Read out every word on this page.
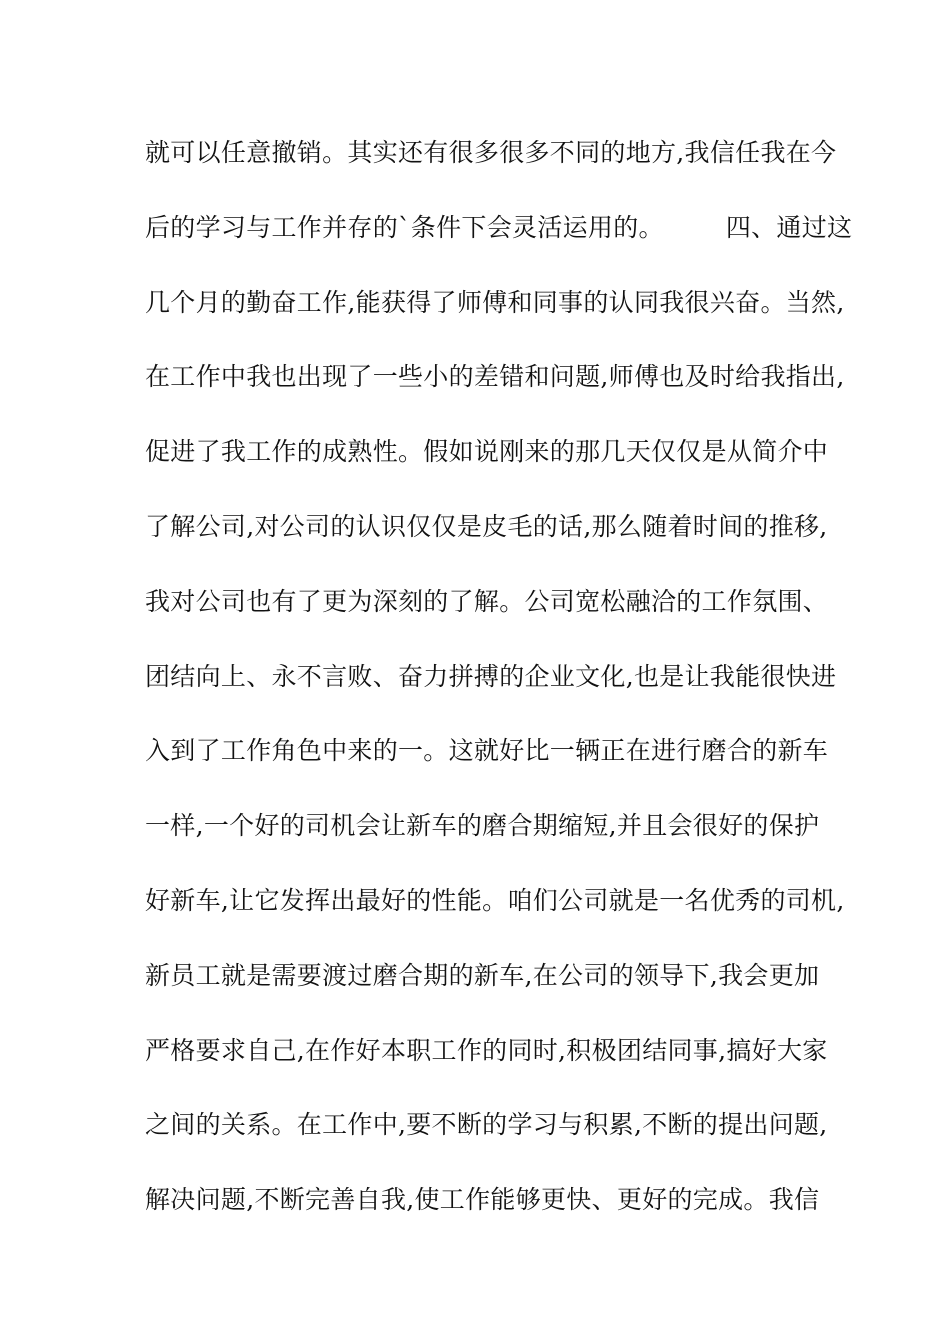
就可以任意撤销。其实还有很多很多不同的地方,我信任我在今
后的学习与工作并存的`条件下会灵活运用的。 四、通过这
几个月的勤奋工作,能获得了师傅和同事的认同我很兴奋。当然,
在工作中我也出现了一些小的差错和问题,师傅也及时给我指出,
促进了我工作的成熟性。假如说刚来的那几天仅仅是从简介中
了解公司,对公司的认识仅仅是皮毛的话,那么随着时间的推移,
我对公司也有了更为深刻的了解。公司宽松融洽的工作氛围、
团结向上、永不言败、奋力拼搏的企业文化,也是让我能很快进
入到了工作角色中来的一。这就好比一辆正在进行磨合的新车
一样,一个好的司机会让新车的磨合期缩短,并且会很好的保护
好新车,让它发挥出最好的性能。咱们公司就是一名优秀的司机,
新员工就是需要渡过磨合期的新车,在公司的领导下,我会更加
严格要求自己,在作好本职工作的同时,积极团结同事,搞好大家
之间的关系。在工作中,要不断的学习与积累,不断的提出问题,
解决问题,不断完善自我,使工作能够更快、更好的完成。我信
